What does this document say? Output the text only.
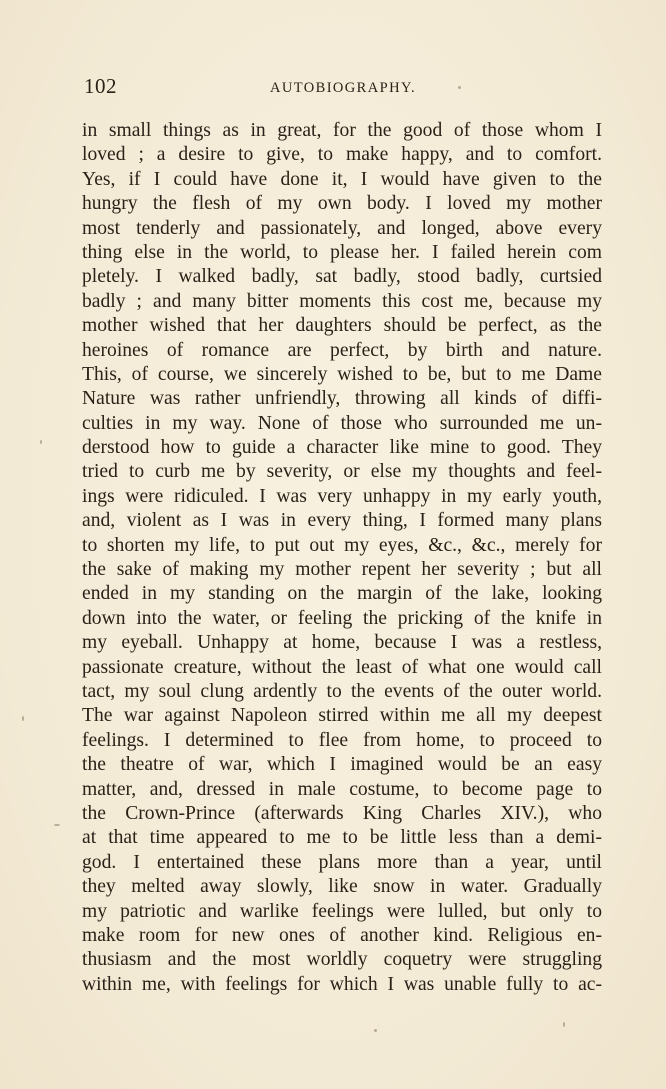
102	AUTOBIOGRAPHY.
in small things as in great, for the good of those whom I
loved ; a desire to give, to make happy, and to comfort.
Yes, if I could have done it, I would have given to the
hungry the flesh of my own body. I loved my mother
most tenderly and passionately, and longed, above every
thing else in the world, to please her. I failed herein com
pletely. I walked badly, sat badly, stood badly, curtsied
badly ; and many bitter moments this cost me, because my
mother wished that her daughters should be perfect, as the
heroines of romance are perfect, by birth and nature.
This, of course, we sincerely wished to be, but to me Dame
Nature was rather unfriendly, throwing all kinds of diffi-
culties in my way. None of those who surrounded me un-
derstood how to guide a character like mine to good. They
tried to curb me by severity, or else my thoughts and feel-
ings were ridiculed. I was very unhappy in my early youth,
and, violent as I was in every thing, I formed many plans
to shorten my life, to put out my eyes, &c., &c., merely for
the sake of making my mother repent her severity ; but all
ended in my standing on the margin of the lake, looking
down into the water, or feeling the pricking of the knife in
my eyeball. Unhappy at home, because I was a restless,
passionate creature, without the least of what one would call
tact, my soul clung ardently to the events of the outer world.
The war against Napoleon stirred within me all my deepest
feelings. I determined to flee from home, to proceed to
the theatre of war, which I imagined would be an easy
matter, and, dressed in male costume, to become page to
the Crown-Prince (afterwards King Charles XIV.), who
at that time appeared to me to be little less than a demi-
god. I entertained these plans more than a year, until
they melted away slowly, like snow in water. Gradually
my patriotic and warlike feelings were lulled, but only to
make room for new ones of another kind. Religious en-
thusiasm and the most worldly coquetry were struggling
within me, with feelings for which I was unable fully to ac-
